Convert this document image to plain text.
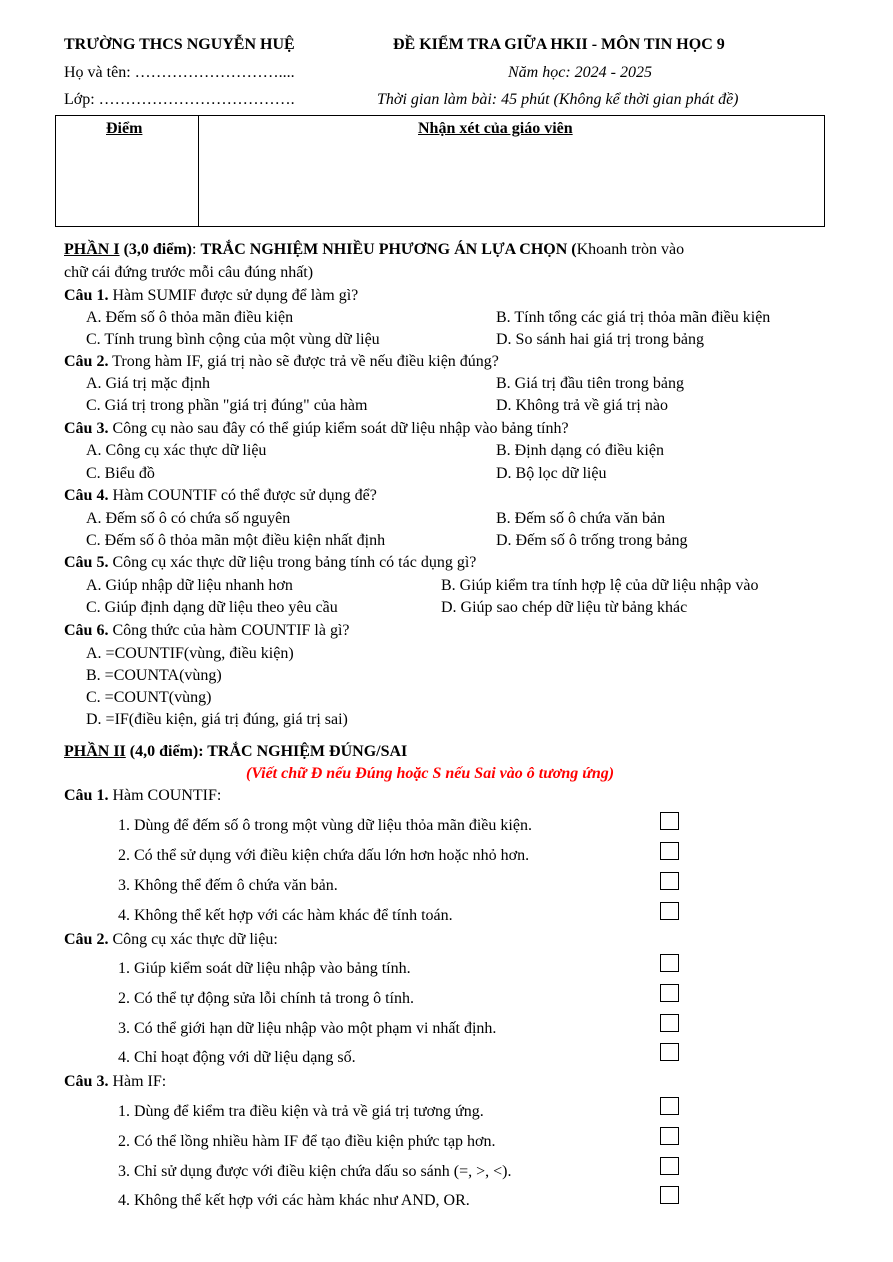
TRƯỜNG THCS NGUYỄN HUỆ	ĐỀ KIỂM TRA GIỮA HKII - MÔN TIN HỌC 9
Họ và tên: ………………………....	Năm học: 2024 - 2025
Lớp: ……………………………….	Thời gian làm bài: 45 phút (Không kể thời gian phát đề)
Điểm	Nhận xét của giáo viên
PHẦN I (3,0 điểm): TRẮC NGHIỆM NHIỀU PHƯƠNG ÁN LỰA CHỌN (Khoanh tròn vào
chữ cái đứng trước mỗi câu đúng nhất)
Câu 1. Hàm SUMIF được sử dụng để làm gì?
A. Đếm số ô thỏa mãn điều kiện	B. Tính tổng các giá trị thỏa mãn điều kiện
C. Tính trung bình cộng của một vùng dữ liệu	D. So sánh hai giá trị trong bảng
Câu 2. Trong hàm IF, giá trị nào sẽ được trả về nếu điều kiện đúng?
A. Giá trị mặc định	B. Giá trị đầu tiên trong bảng
C. Giá trị trong phần "giá trị đúng" của hàm	D. Không trả về giá trị nào
Câu 3. Công cụ nào sau đây có thể giúp kiểm soát dữ liệu nhập vào bảng tính?
A. Công cụ xác thực dữ liệu	B. Định dạng có điều kiện
C. Biểu đồ	D. Bộ lọc dữ liệu
Câu 4. Hàm COUNTIF có thể được sử dụng để?
A. Đếm số ô có chứa số nguyên	B. Đếm số ô chứa văn bản
C. Đếm số ô thỏa mãn một điều kiện nhất định	D. Đếm số ô trống trong bảng
Câu 5. Công cụ xác thực dữ liệu trong bảng tính có tác dụng gì?
A. Giúp nhập dữ liệu nhanh hơn	B. Giúp kiểm tra tính hợp lệ của dữ liệu nhập vào
C. Giúp định dạng dữ liệu theo yêu cầu	D. Giúp sao chép dữ liệu từ bảng khác
Câu 6. Công thức của hàm COUNTIF là gì?
A. =COUNTIF(vùng, điều kiện)
B. =COUNTA(vùng)
C. =COUNT(vùng)
D. =IF(điều kiện, giá trị đúng, giá trị sai)
PHẦN II (4,0 điểm): TRẮC NGHIỆM ĐÚNG/SAI
(Viết chữ Đ nếu Đúng hoặc S nếu Sai vào ô tương ứng)
Câu 1. Hàm COUNTIF:
1. Dùng để đếm số ô trong một vùng dữ liệu thỏa mãn điều kiện.
2. Có thể sử dụng với điều kiện chứa dấu lớn hơn hoặc nhỏ hơn.
3. Không thể đếm ô chứa văn bản.
4. Không thể kết hợp với các hàm khác để tính toán.
Câu 2. Công cụ xác thực dữ liệu:
1. Giúp kiểm soát dữ liệu nhập vào bảng tính.
2. Có thể tự động sửa lỗi chính tả trong ô tính.
3. Có thể giới hạn dữ liệu nhập vào một phạm vi nhất định.
4. Chỉ hoạt động với dữ liệu dạng số.
Câu 3. Hàm IF:
1. Dùng để kiểm tra điều kiện và trả về giá trị tương ứng.
2. Có thể lồng nhiều hàm IF để tạo điều kiện phức tạp hơn.
3. Chỉ sử dụng được với điều kiện chứa dấu so sánh (=, >, <).
4. Không thể kết hợp với các hàm khác như AND, OR.
